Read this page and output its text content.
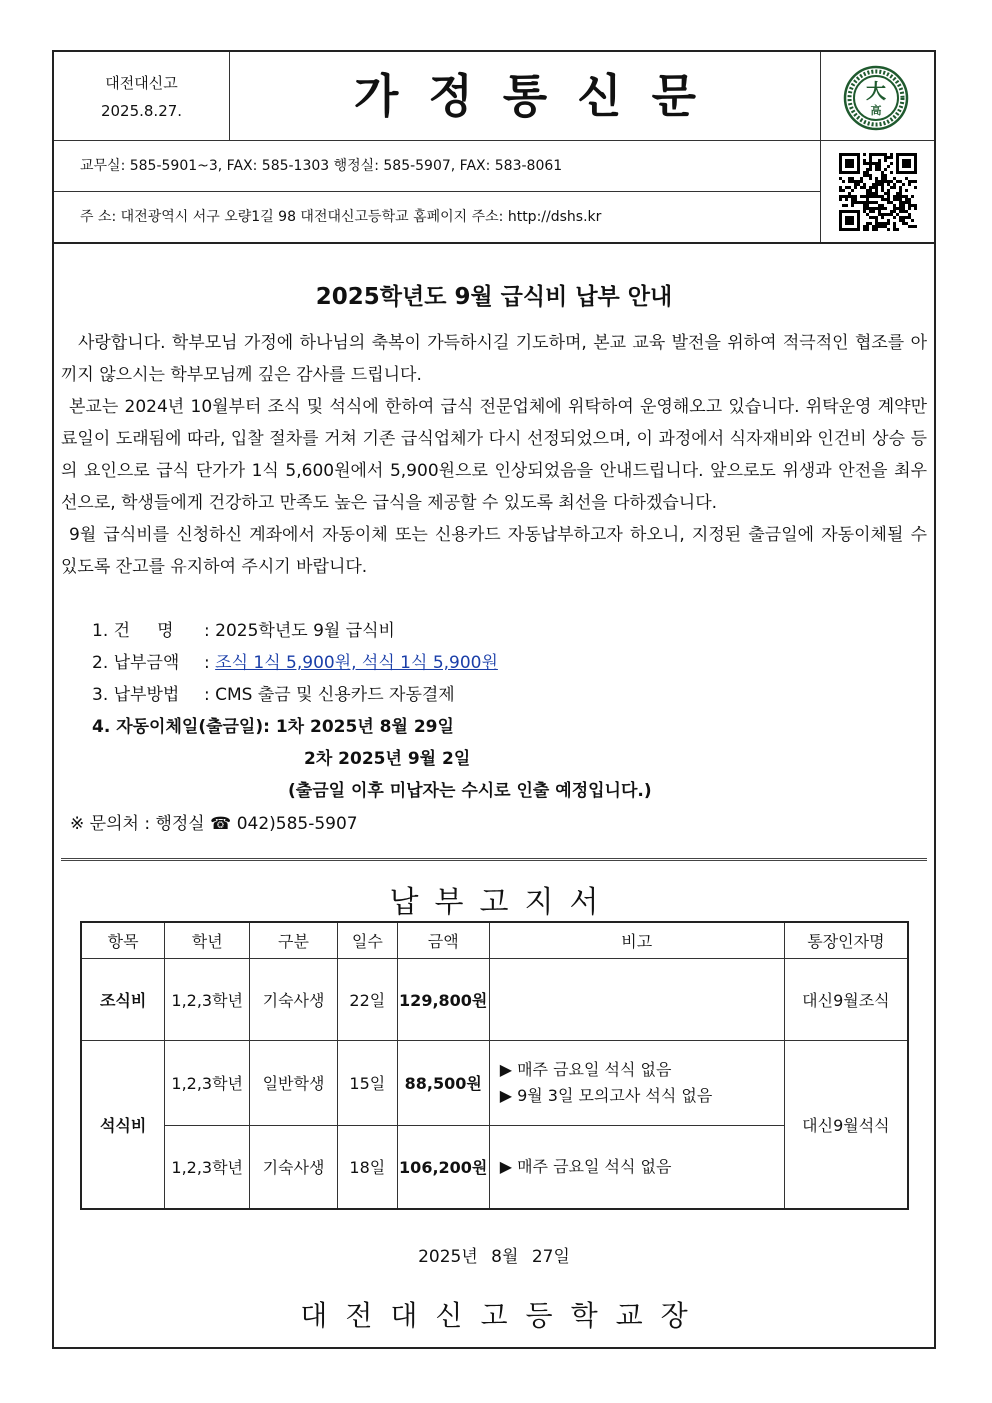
대전대신고
2025.8.27.	가정통신문	大
高
교무실: 585-5901~3, FAX: 585-1303 행정실: 585-5907, FAX: 583-8061
주 소: 대전광역시 서구 오량1길 98 대전대신고등학교 홈페이지 주소: http://dshs.kr
2025학년도 9월 급식비 납부 안내

사랑합니다. 학부모님 가정에 하나님의 축복이 가득하시길 기도하며, 본교 교육 발전을 위하여 적극적인 협조를 아끼지 않으시는 학부모님께 깊은 감사를 드립니다.

본교는 2024년 10월부터 조식 및 석식에 한하여 급식 전문업체에 위탁하여 운영해오고 있습니다. 위탁운영 계약만료일이 도래됨에 따라, 입찰 절차를 거쳐 기존 급식업체가 다시 선정되었으며, 이 과정에서 식자재비와 인건비 상승 등의 요인으로 급식 단가가 1식 5,600원에서 5,900원으로 인상되었음을 안내드립니다. 앞으로도 위생과 안전을 최우선으로, 학생들에게 건강하고 만족도 높은 급식을 제공할 수 있도록 최선을 다하겠습니다.

9월 급식비를 신청하신 계좌에서 자동이체 또는 신용카드 자동납부하고자 하오니, 지정된 출금일에 자동이체될 수 있도록 잔고를 유지하여 주시기 바랍니다.

1. 건     명 : 2025학년도 9월 급식비
2. 납부금액 : 조식 1식 5,900원, 석식 1식 5,900원
3. 납부방법 : CMS 출금 및 신용카드 자동결제
4. 자동이체일(출금일): 1차 2025년 8월 29일
2차 2025년 9월 2일
(출금일 이후 미납자는 수시로 인출 예정입니다.)
※ 문의처 : 행정실 ☎ 042)585-5907
납부고지서
항목	학년	구분	일수	금액	비고	통장인자명
조식비	1,2,3학년	기숙사생	22일	129,800원		대신9월조식
석식비	1,2,3학년	일반학생	15일	88,500원	▶ 매주 금요일 석식 없음
▶ 9월 3일 모의고사 석식 없음	대신9월석식
	1,2,3학년	기숙사생	18일	106,200원	▶ 매주 금요일 석식 없음	
2025년 8월 27일
대전대신고등학교장
